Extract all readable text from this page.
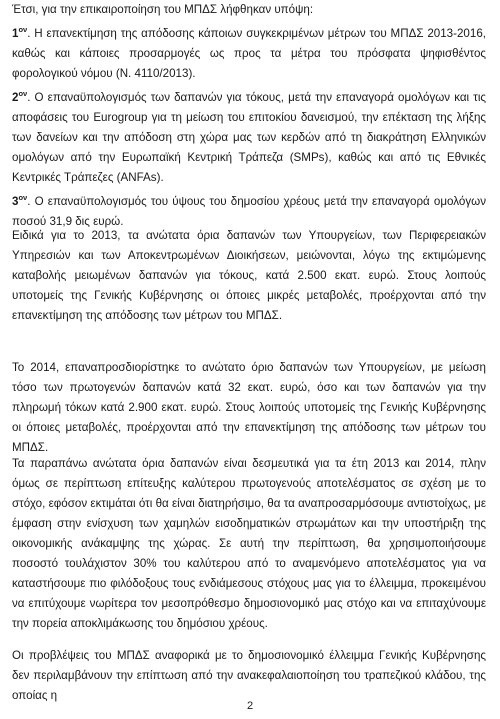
Έτσι, για την επικαιροποίηση του ΜΠΔΣ λήφθηκαν υπόψη:
$1^{o\nu}$. Η επανεκτίμηση της απόδοσης κάποιων συγκεκριμένων μέτρων του ΜΠΔΣ 2013-2016, καθώς και κάποιες προσαρμογές ως προς τα μέτρα του πρόσφατα ψηφισθέντος φορολογικού νόμου (Ν. 4110/2013).
$2^{o\nu}$. Ο επαναϋπολογισμός των δαπανών για τόκους, μετά την επαναγορά ομολόγων και τις αποφάσεις του Eurogroup για τη μείωση του επιτοκίου δανεισμού, την επέκταση της λήξης των δανείων και την απόδοση στη χώρα μας των κερδών από τη διακράτηση Ελληνικών ομολόγων από την Ευρωπαϊκή Κεντρική Τράπεζα (SMPs), καθώς και από τις Εθνικές Κεντρικές Τράπεζες (ANFAs).
$3^{o\nu}$. Ο επαναϋπολογισμός του ύψους του δημοσίου χρέους μετά την επαναγορά ομολόγων ποσού 31,9 δις ευρώ.

Ειδικά για το 2013, τα ανώτατα όρια δαπανών των Υπουργείων, των Περιφερειακών Υπηρεσιών και των Αποκεντρωμένων Διοικήσεων, μειώνονται, λόγω της εκτιμώμενης καταβολής μειωμένων δαπανών για τόκους, κατά 2.500 εκατ. ευρώ. Στους λοιπούς υποτομείς της Γενικής Κυβέρνησης οι όποιες μικρές μεταβολές, προέρχονται από την επανεκτίμηση της απόδοσης των μέτρων του ΜΠΔΣ.

Το 2014, επαναπροσδιορίστηκε το ανώτατο όριο δαπανών των Υπουργείων, με μείωση τόσο των πρωτογενών δαπανών κατά 32 εκατ. ευρώ, όσο και των δαπανών για την πληρωμή τόκων κατά 2.900 εκατ. ευρώ. Στους λοιπούς υποτομείς της Γενικής Κυβέρνησης οι όποιες μεταβολές, προέρχονται από την επανεκτίμηση της απόδοσης των μέτρων του ΜΠΔΣ.

Τα παραπάνω ανώτατα όρια δαπανών είναι δεσμευτικά για τα έτη 2013 και 2014, πλην όμως σε περίπτωση επίτευξης καλύτερου πρωτογενούς αποτελέσματος σε σχέση με το στόχο, εφόσον εκτιμάται ότι θα είναι διατηρήσιμο, θα τα αναπροσαρμόσουμε αντιστοίχως, με έμφαση στην ενίσχυση των χαμηλών εισοδηματικών στρωμάτων και την υποστήριξη της οικονομικής ανάκαμψης της χώρας. Σε αυτή την περίπτωση, θα χρησιμοποιήσουμε ποσοστό τουλάχιστον 30% του καλύτερου από το αναμενόμενο αποτελέσματος για να καταστήσουμε πιο φιλόδοξους τους ενδιάμεσους στόχους μας για το έλλειμμα, προκειμένου να επιτύχουμε νωρίτερα τον μεσοπρόθεσμο δημοσιονομικό μας στόχο και να επιταχύνουμε την πορεία αποκλιμάκωσης του δημόσιου χρέους.

Οι προβλέψεις του ΜΠΔΣ αναφορικά με το δημοσιονομικό έλλειμμα Γενικής Κυβέρνησης δεν περιλαμβάνουν την επίπτωση από την ανακεφαλαιοποίηση του τραπεζικού κλάδου, της οποίας η

2
